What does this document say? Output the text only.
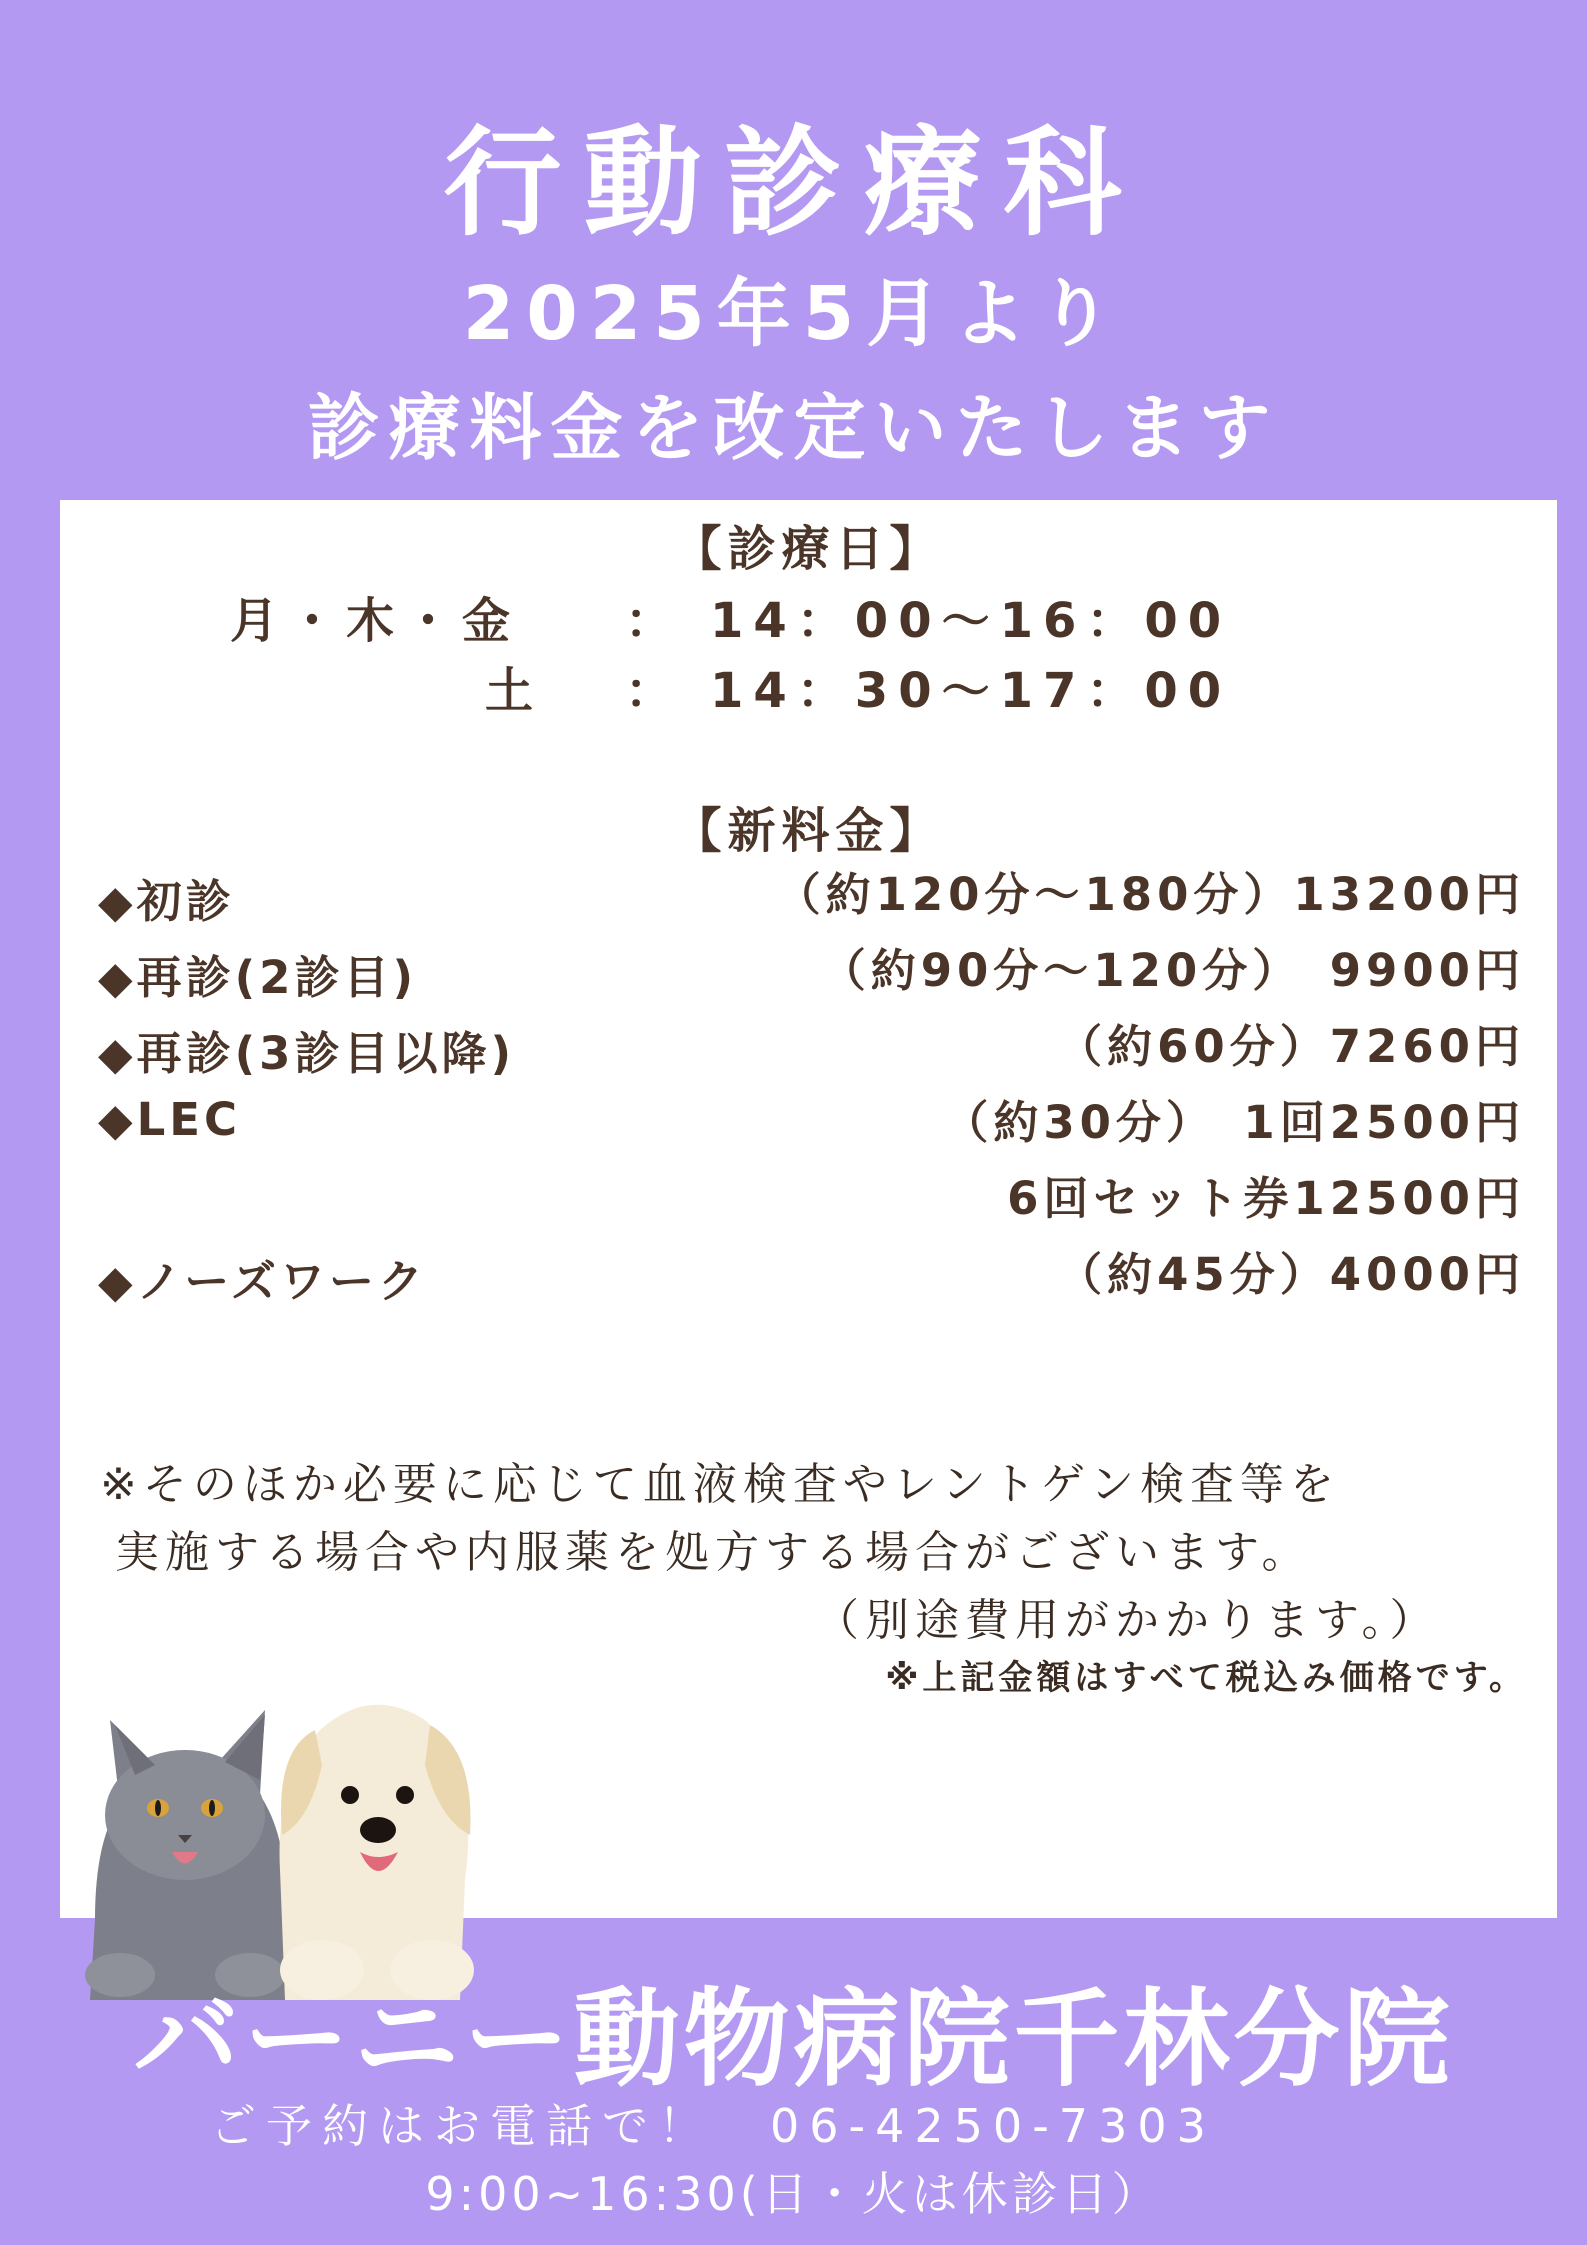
行動診療科
2025年5月より
診療料金を改定いたします
【診療日】
月・木・金 ： 14：00〜16：00
土 ： 14：30〜17：00
【新料金】
◆初診	（約120分〜180分）13200円
◆再診(2診目)	（約90分〜120分）　9900円
◆再診(3診目以降)	（約60分）7260円
◆LEC	（約30分）　1回2500円
6回セット券12500円
◆ノーズワーク	（約45分）4000円
※そのほか必要に応じて血液検査やレントゲン検査等を
実施する場合や内服薬を処方する場合がございます。
（別途費用がかかります。）
※上記金額はすべて税込み価格です。
バーニー動物病院千林分院
ご予約はお電話で！　06-4250-7303
9:00~16:30(日・火は休診日）
